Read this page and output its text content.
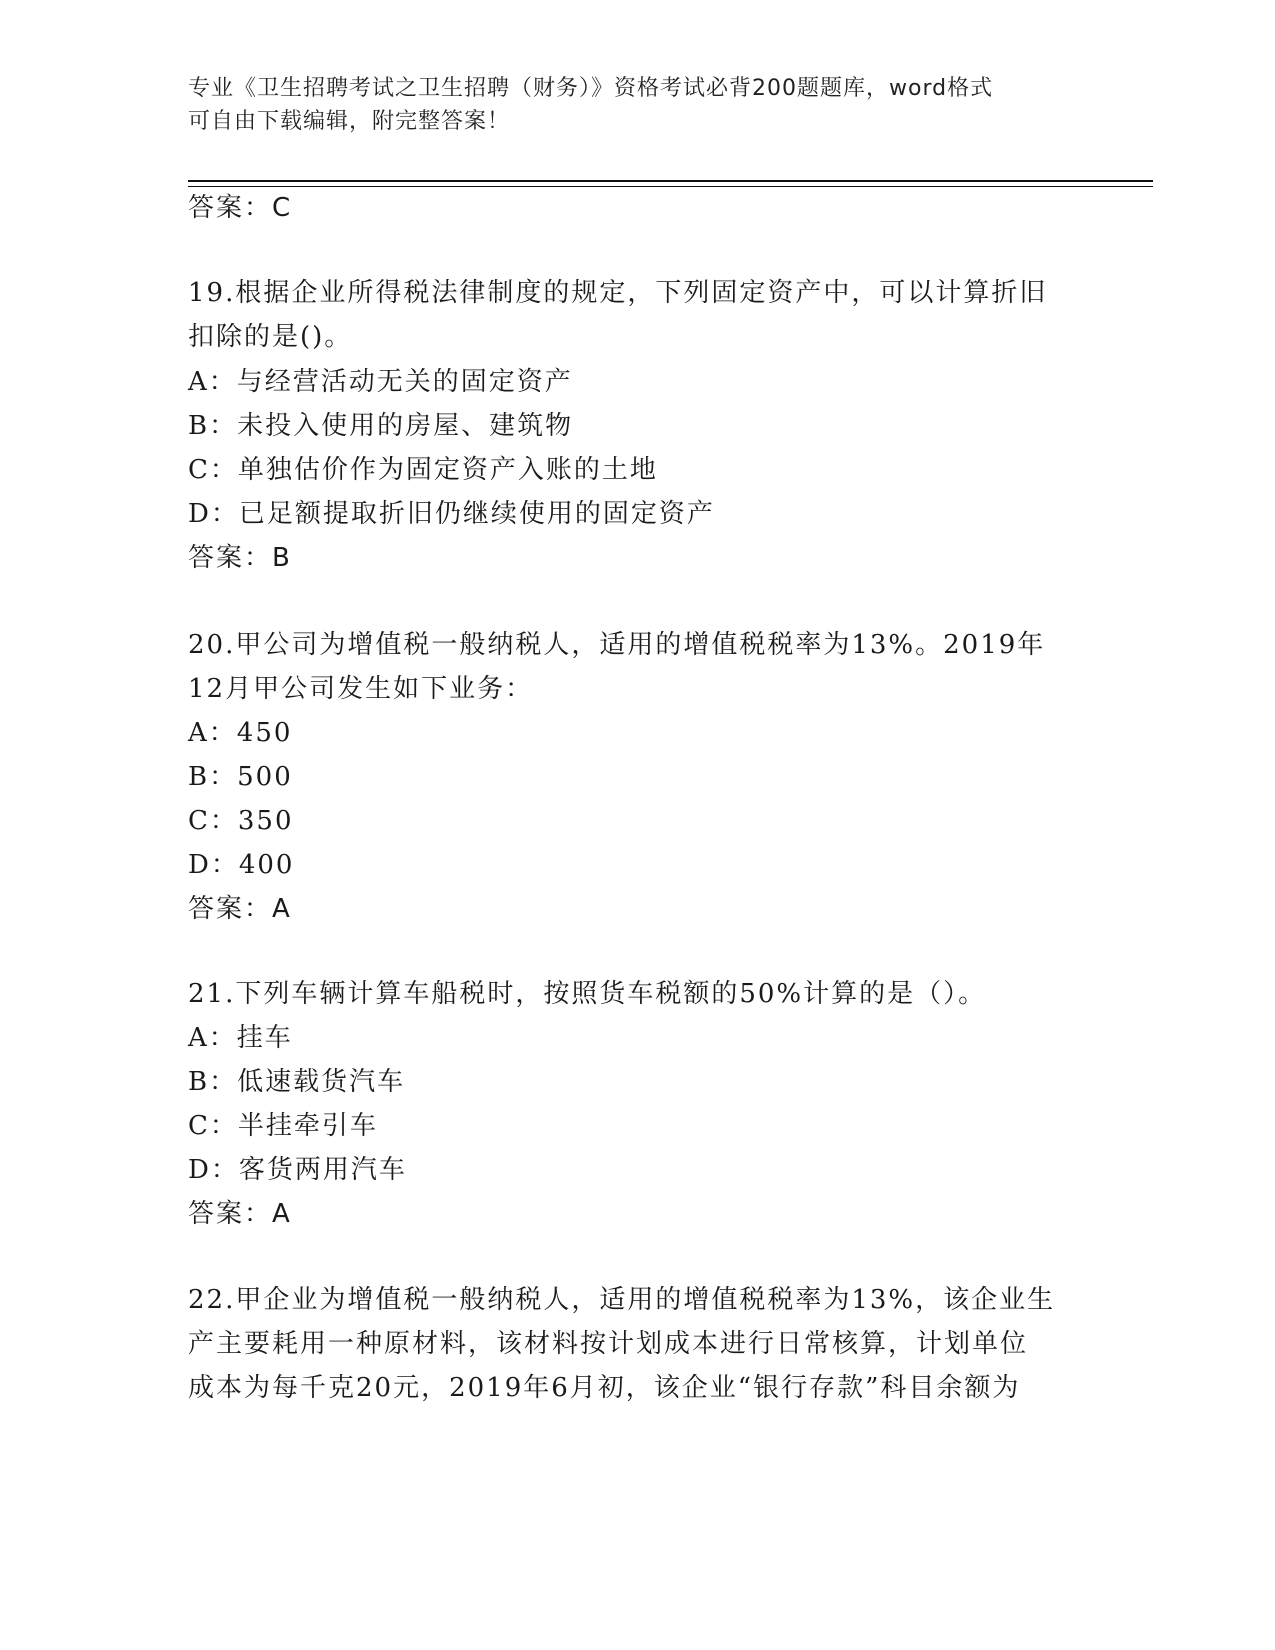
专业《卫生招聘考试之卫生招聘（财务）》资格考试必背200题题库，word格式
可自由下载编辑，附完整答案！
答案：C
19.根据企业所得税法律制度的规定，下列固定资产中，可以计算折旧
扣除的是()。
A：与经营活动无关的固定资产
B：未投入使用的房屋、建筑物
C：单独估价作为固定资产入账的土地
D：已足额提取折旧仍继续使用的固定资产
答案：B
20.甲公司为增值税一般纳税人，适用的增值税税率为13%。2019年
12月甲公司发生如下业务：
A：450
B：500
C：350
D：400
答案：A
21.下列车辆计算车船税时，按照货车税额的50%计算的是（）。
A：挂车
B：低速载货汽车
C：半挂牵引车
D：客货两用汽车
答案：A
22.甲企业为增值税一般纳税人，适用的增值税税率为13%，该企业生
产主要耗用一种原材料，该材料按计划成本进行日常核算，计划单位
成本为每千克20元，2019年6月初，该企业“银行存款”科目余额为
